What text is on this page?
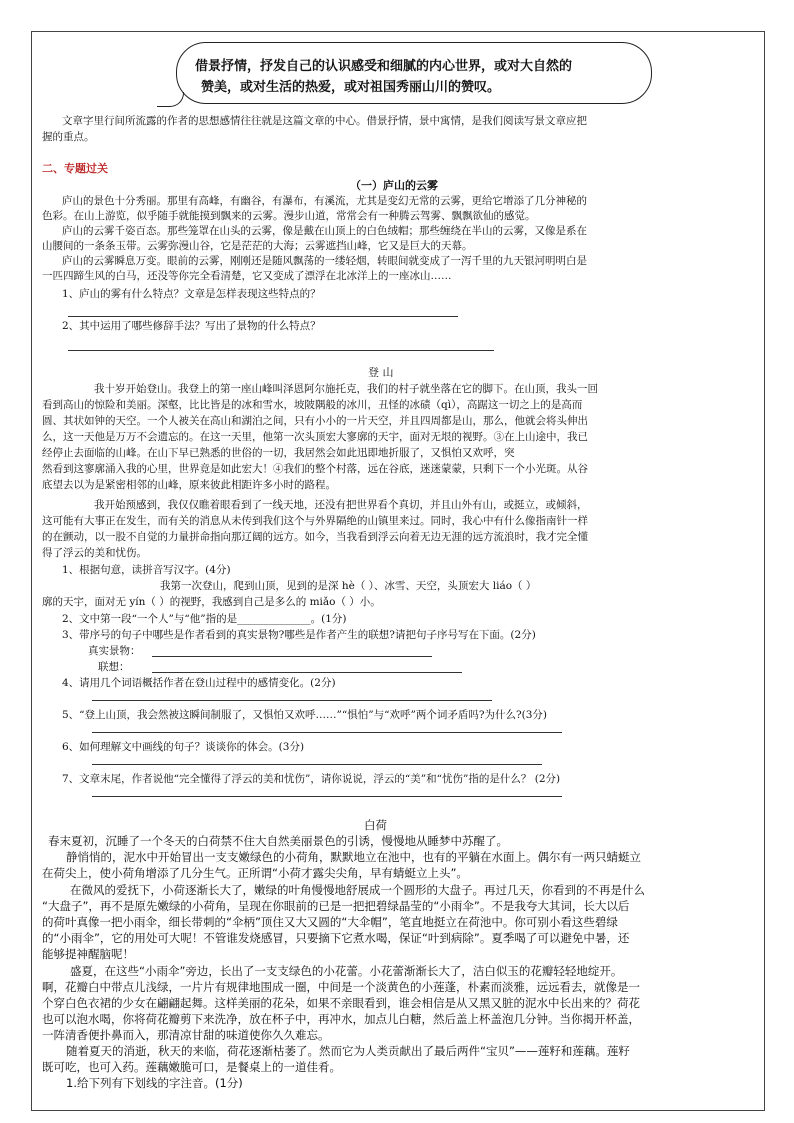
借景抒情，抒发自己的认识感受和细腻的内心世界，或对大自然的
赞美，或对生活的热爱，或对祖国秀丽山川的赞叹。
文章字里行间所流露的作者的思想感情往往就是这篇文章的中心。借景抒情，景中寓情，是我们阅读写景文章应把
握的重点。
二、专题过关
（一）庐山的云雾
庐山的景色十分秀丽。那里有高峰，有幽谷，有瀑布，有溪流，尤其是变幻无常的云雾，更给它增添了几分神秘的
色彩。在山上游览，似乎随手就能摸到飘来的云雾。漫步山道，常常会有一种腾云驾雾、飘飘欲仙的感觉。
庐山的云雾千姿百态。那些笼罩在山头的云雾，像是戴在山顶上的白色绒帽；那些缠绕在半山的云雾，又像是系在
山腰间的一条条玉带。云雾弥漫山谷，它是茫茫的大海；云雾遮挡山峰，它又是巨大的天幕。
庐山的云雾瞬息万变。眼前的云雾，刚刚还是随风飘荡的一缕轻烟，转眼间就变成了一泻千里的九天银河明明白是
一匹四蹄生风的白马，还没等你完全看清楚，它又变成了漂浮在北冰洋上的一座冰山……
1、庐山的雾有什么特点？文章是怎样表现这些特点的？
2、其中运用了哪些修辞手法？写出了景物的什么特点？
登 山
我十岁开始登山。我登上的第一座山峰叫泽恩阿尔施托克，我们的村子就坐落在它的脚下。在山顶，我头一回
看到高山的惊险和美丽。深壑，比比皆是的冰和雪水，坡陂隅般的冰川，丑怪的冰碛（qì），高踞这一切之上的是高而
圆、其状如钟的天空。一个人被关在高山和湖泊之间，只有小小的一片天空，并且四周都是山，那么，他就会将头伸出
么，这一天他是万万不会遗忘的。在这一天里，他第一次头顶宏大寥廓的天宇，面对无垠的视野。③在上山途中，我已
经停止去面临的山峰。在山下早已熟悉的世俗的一切，我居然会如此迅即地折服了，又惧怕又欢呼，突
然看到这寥廓涌入我的心里，世界竟是如此宏大！④我们的整个村落，远在谷底，迷迷蒙蒙，只剩下一个小光斑。从谷
底望去以为是紧密相邻的山峰，原来彼此相距许多小时的路程。
我开始预感到，我仅仅瞧着眼看到了一线天地，还没有把世界看个真切，并且山外有山，或挺立，或倾斜，
这可能有大事正在发生，而有关的消息从未传到我们这个与外界隔绝的山镇里来过。同时，我心中有什么像指南针一样
的在颤动，以一股不自觉的力量拼命指向那辽阔的远方。如今，当我看到浮云向着无边无涯的远方流浪时，我才完全懂
得了浮云的美和忧伤。
1、根据句意，读拼音写汉字。(4分)
我第一次登山，爬到山顶，见到的是深 hè（ ）、冰雪、天空，头顶宏大 liáo（ ）
廓的天宇，面对无 yín（ ）的视野，我感到自己是多么的 miǎo（ ）小。
2、文中第一段“一个人”与“他”指的是______________。(1分)
3、带序号的句子中哪些是作者看到的真实景物?哪些是作者产生的联想?请把句子序号写在下面。(2分)
真实景物：
联想：
4、请用几个词语概括作者在登山过程中的感情变化。(2分)
5、“登上山顶，我会然被这瞬间制服了，又惧怕又欢呼……”“惧怕”与“欢呼”两个词矛盾吗?为什么?(3分)
6、如何理解文中画线的句子？谈谈你的体会。(3分)
7、文章末尾，作者说他“完全懂得了浮云的美和忧伤”，请你说说，浮云的“美”和“忧伤”指的是什么？ (2分)
白荷
春末夏初，沉睡了一个冬天的白荷禁不住大自然美丽景色的引诱，慢慢地从睡梦中苏醒了。
静悄悄的，泥水中开始冒出一支支嫩绿色的小荷角，默默地立在池中，也有的平躺在水面上。偶尔有一两只蜻蜓立
在荷尖上，使小荷角增添了几分生气。正所谓“小荷才露尖尖角，早有蜻蜓立上头”。
在微风的爱抚下，小荷逐渐长大了，嫩绿的叶角慢慢地舒展成一个圆形的大盘子。再过几天，你看到的不再是什么
“大盘子”，再不是原先嫩绿的小荷角，呈现在你眼前的已是一把把碧绿晶莹的“小雨伞”。不是我夸大其词，长大以后
的荷叶真像一把小雨伞，细长带刺的“伞柄”顶住又大又圆的“大伞帽”，笔直地挺立在荷池中。你可别小看这些碧绿
的“小雨伞”，它的用处可大呢！不管谁发烧感冒，只要摘下它煮水喝，保证“叶到病除”。夏季喝了可以避免中暑，还
能够提神醒脑呢！
盛夏，在这些“小雨伞”旁边，长出了一支支绿色的小花蕾。小花蕾渐渐长大了，洁白似玉的花瓣轻轻地绽开。
啊，花瓣白中带点儿浅绿，一片片有规律地围成一圈，中间是一个淡黄色的小莲蓬，朴素而淡雅，远远看去，就像是一
个穿白色衣裙的少女在翩翩起舞。这样美丽的花朵，如果不亲眼看到，谁会相信是从又黑又脏的泥水中长出来的？荷花
也可以泡水喝，你将荷花瓣剪下来洗净，放在杯子中，再冲水，加点儿白糖，然后盖上杯盖泡几分钟。当你揭开杯盖，
一阵清香便扑鼻而入，那清凉甘甜的味道使你久久难忘。
随着夏天的消逝，秋天的来临，荷花逐渐枯萎了。然而它为人类贡献出了最后两件“宝贝”——莲籽和莲藕。莲籽
既可吃，也可入药。莲藕嫩脆可口，是餐桌上的一道佳肴。
1.给下列有下划线的字注音。(1分)
